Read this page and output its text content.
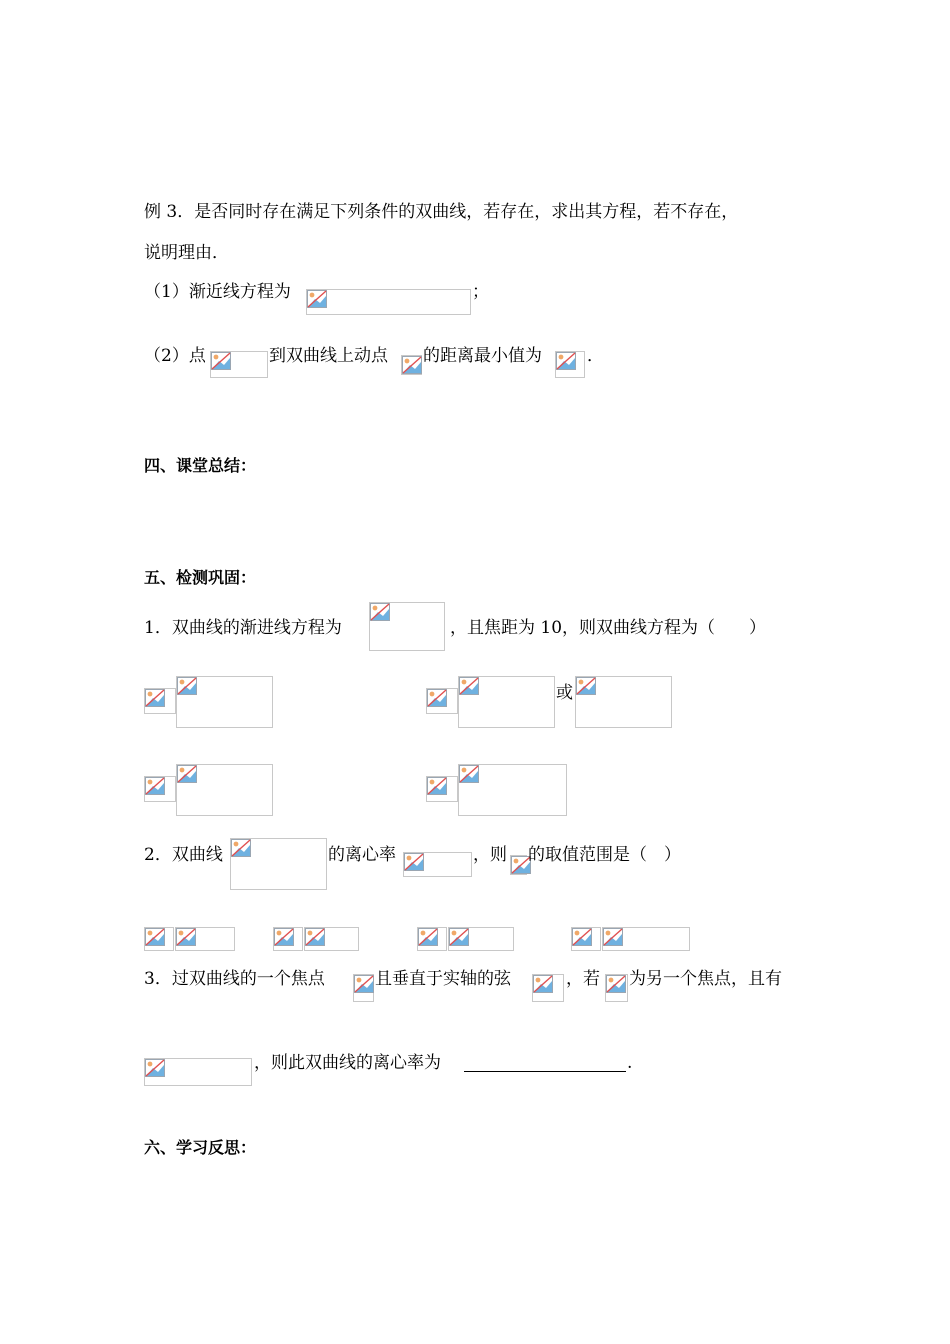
例 3．是否同时存在满足下列条件的双曲线，若存在，求出其方程，若不存在，
说明理由．
（1）渐近线方程为	；
（2）点	到双曲线上动点 的距离最小值为	．
四、课堂总结：
五、检测巩固：
1．双曲线的渐进线方程为	，且焦距为 10，则双曲线方程为（　　）
或
2．双曲线	的离心率	，则 的取值范围是（　）
3．过双曲线的一个焦点	且垂直于实轴的弦	，若 为另一个焦点，且有
，则此双曲线的离心率为	.
六、学习反思：
